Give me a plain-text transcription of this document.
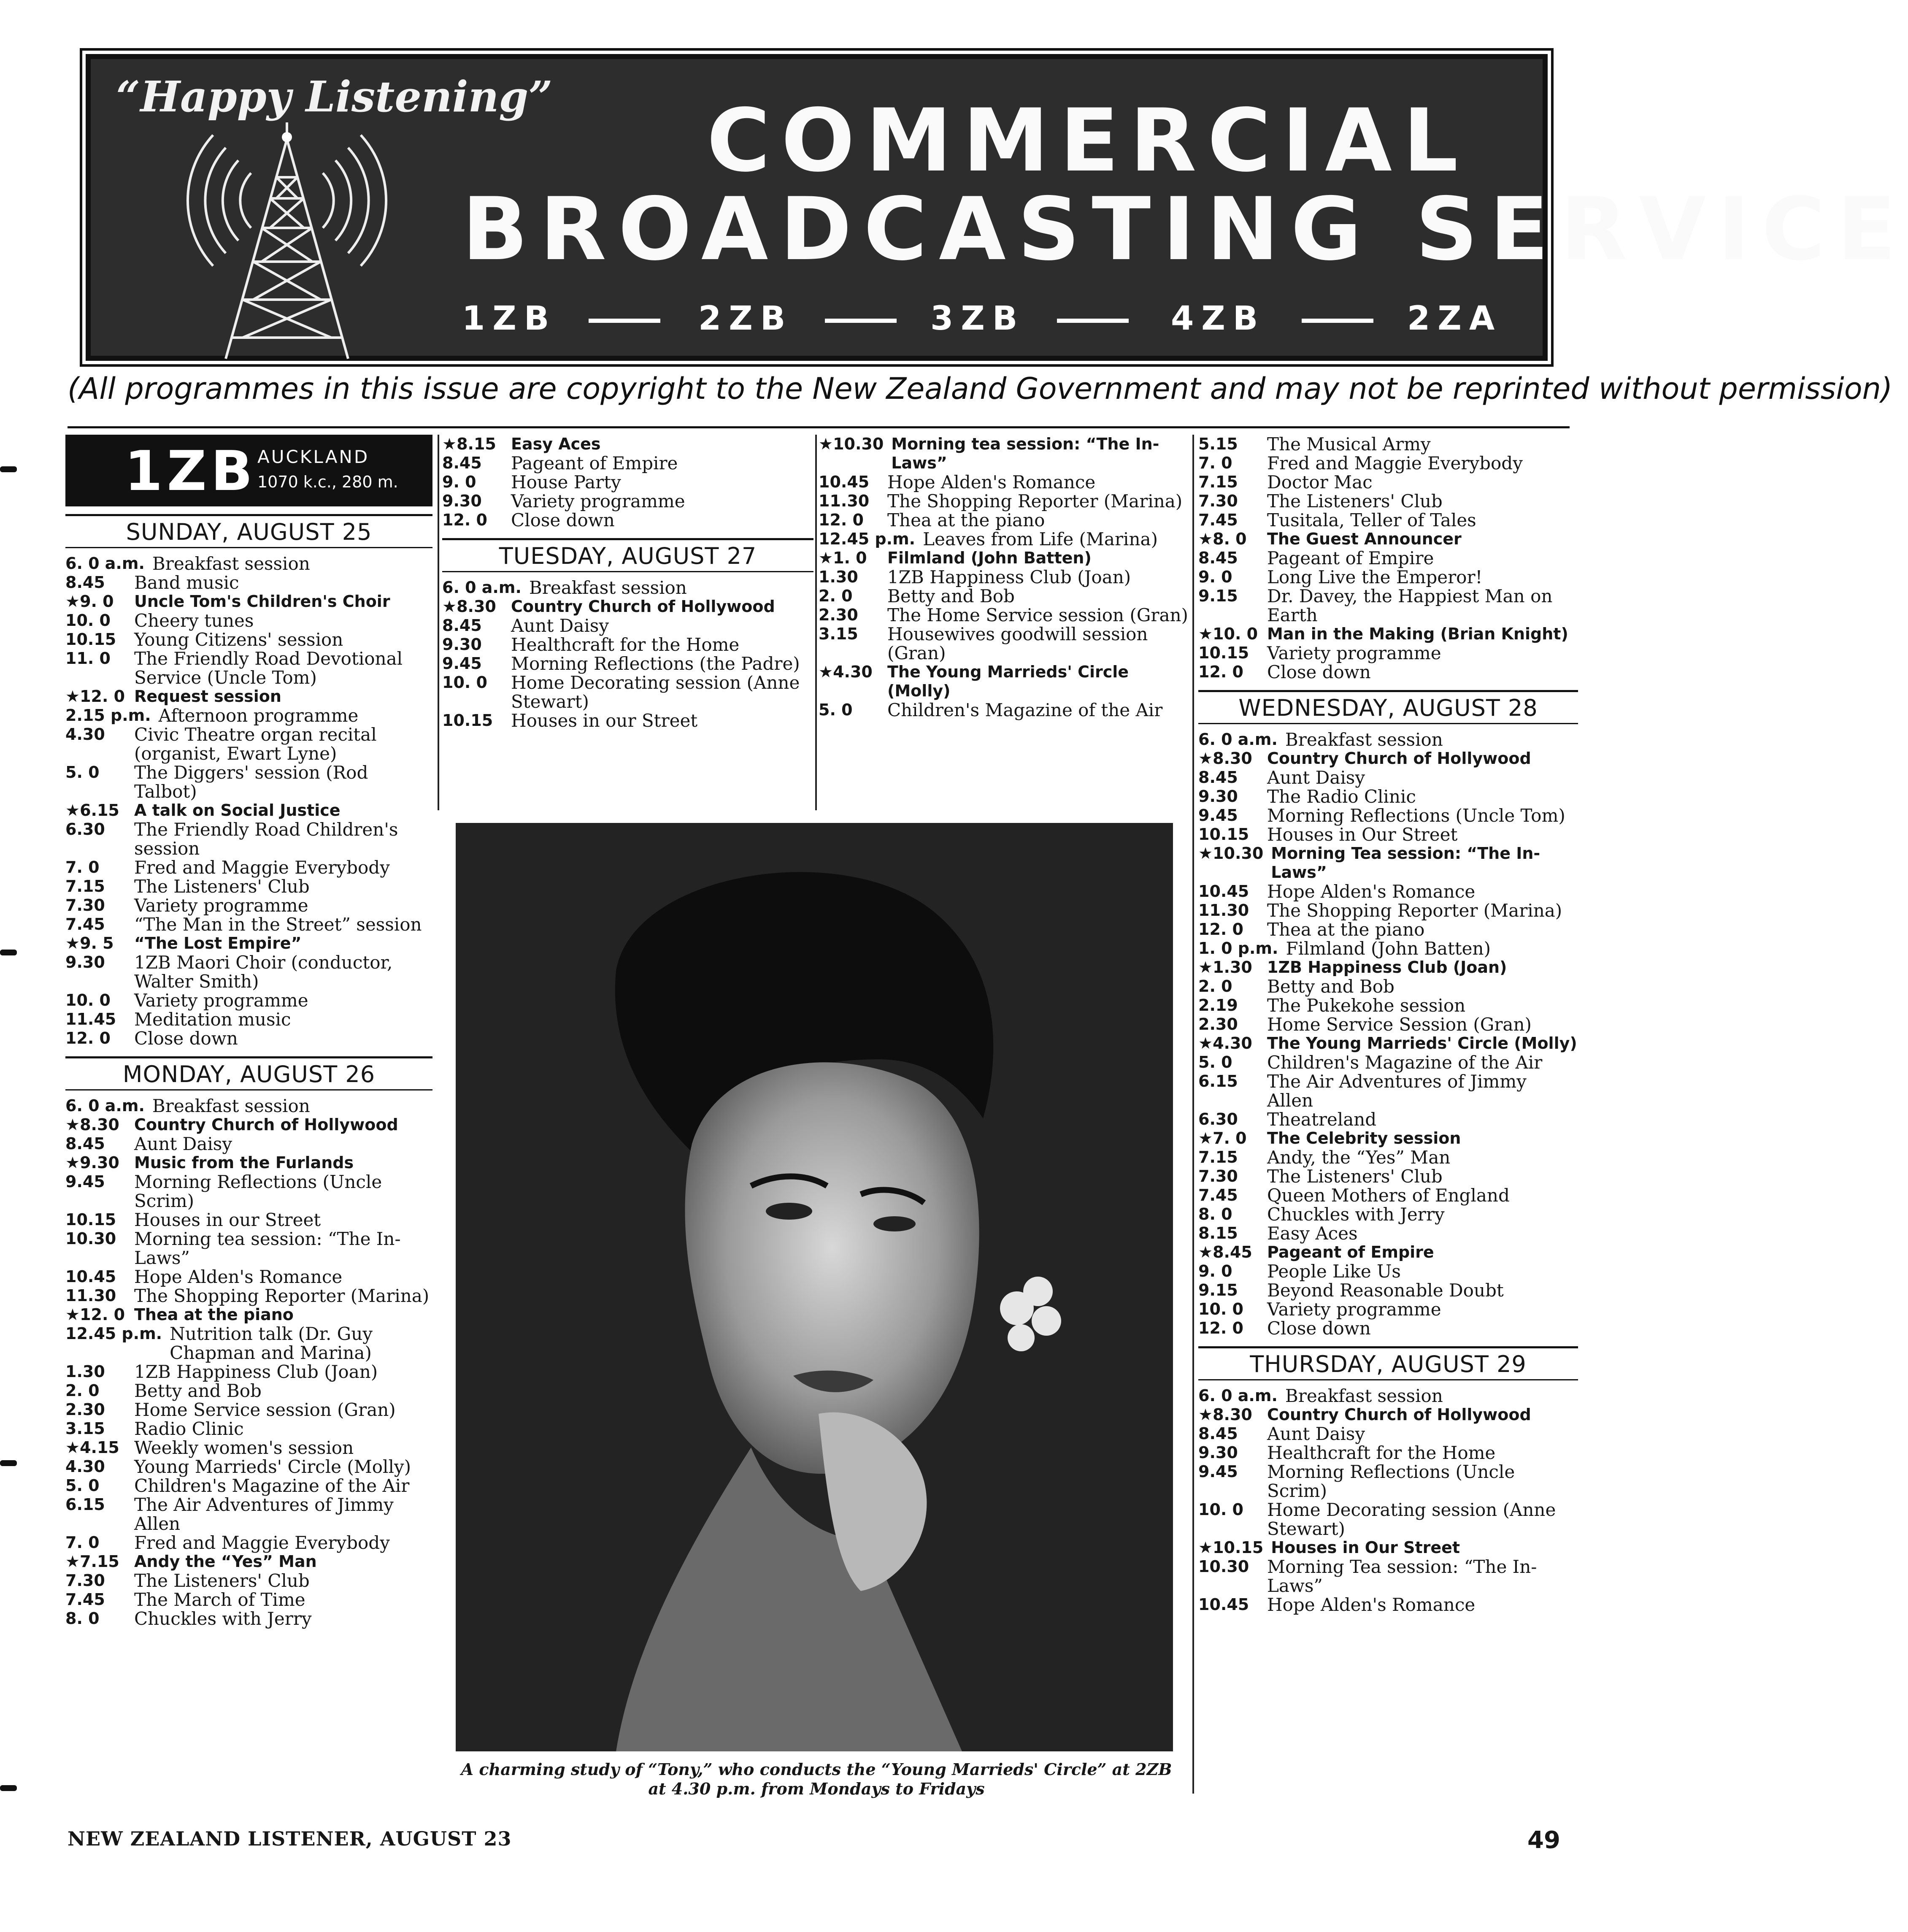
“Happy Listening” COMMERCIAL
BROADCASTING SERVICE
1ZB	2ZB	3ZB	4ZB	2ZA
(All programmes in this issue are copyright to the New Zealand Government and may not be reprinted without permission)
1ZB AUCKLAND
1070 k.c., 280 m.
SUNDAY, AUGUST 25
6. 0 a.m. Breakfast session
8.45	Band music
★9. 0	Uncle Tom's Children's Choir
10. 0	Cheery tunes
10.15	Young Citizens' session
11. 0	The Friendly Road Devotional Service (Uncle Tom)
★12. 0 Request session
2.15 p.m. Afternoon programme
4.30	Civic Theatre organ recital (organist, Ewart Lyne)
5. 0	The Diggers' session (Rod Talbot)
★6.15 A talk on Social Justice
6.30	The Friendly Road Children's session
7. 0	Fred and Maggie Everybody
7.15	The Listeners' Club
7.30	Variety programme
7.45	“The Man in the Street” session
★9. 5	“The Lost Empire”
9.30	1ZB Maori Choir (conductor, Walter Smith)
10. 0	Variety programme
11.45	Meditation music
12. 0	Close down
MONDAY, AUGUST 26
6. 0 a.m. Breakfast session
★8.30 Country Church of Hollywood
8.45	Aunt Daisy
★9.30 Music from the Furlands
9.45	Morning Reflections (Uncle Scrim)
10.15	Houses in our Street
10.30	Morning tea session: “The In-Laws”
10.45	Hope Alden's Romance
11.30	The Shopping Reporter (Marina)
★12. 0 Thea at the piano
12.45 p.m. Nutrition talk (Dr. Guy Chapman and Marina)
1.30	1ZB Happiness Club (Joan)
2. 0	Betty and Bob
2.30	Home Service session (Gran)
3.15	Radio Clinic
★4.15 Weekly women's session
4.30	Young Marrieds' Circle (Molly)
5. 0	Children's Magazine of the Air
6.15	The Air Adventures of Jimmy Allen
7. 0	Fred and Maggie Everybody
★7.15 Andy the “Yes” Man
7.30	The Listeners' Club
7.45	The March of Time
8. 0	Chuckles with Jerry
★8.15 Easy Aces
8.45	Pageant of Empire
9. 0	House Party
9.30	Variety programme
12. 0	Close down
TUESDAY, AUGUST 27
6. 0 a.m. Breakfast session
★8.30 Country Church of Hollywood
8.45	Aunt Daisy
9.30	Healthcraft for the Home
9.45	Morning Reflections (the Padre)
10. 0	Home Decorating session (Anne Stewart)
10.15	Houses in our Street
★10.30 Morning tea session: “The In-Laws”
10.45	Hope Alden's Romance
11.30	The Shopping Reporter (Marina)
12. 0	Thea at the piano
12.45 p.m. Leaves from Life (Marina)
★1. 0	Filmland (John Batten)
1.30	1ZB Happiness Club (Joan)
2. 0	Betty and Bob
2.30	The Home Service session (Gran)
3.15	Housewives goodwill session (Gran)
★4.30 The Young Marrieds' Circle (Molly)
5. 0	Children's Magazine of the Air
5.15	The Musical Army
7. 0	Fred and Maggie Everybody
7.15	Doctor Mac
7.30	The Listeners' Club
7.45	Tusitala, Teller of Tales
★8. 0	The Guest Announcer
8.45	Pageant of Empire
9. 0	Long Live the Emperor!
9.15	Dr. Davey, the Happiest Man on Earth
★10. 0 Man in the Making (Brian Knight)
10.15	Variety programme
12. 0	Close down
WEDNESDAY, AUGUST 28
6. 0 a.m. Breakfast session
★8.30 Country Church of Hollywood
8.45	Aunt Daisy
9.30	The Radio Clinic
9.45	Morning Reflections (Uncle Tom)
10.15	Houses in Our Street
★10.30 Morning Tea session: “The In-Laws”
10.45	Hope Alden's Romance
11.30	The Shopping Reporter (Marina)
12. 0	Thea at the piano
1. 0 p.m. Filmland (John Batten)
★1.30 1ZB Happiness Club (Joan)
2. 0	Betty and Bob
2.19	The Pukekohe session
2.30	Home Service Session (Gran)
★4.30 The Young Marrieds' Circle (Molly)
5. 0	Children's Magazine of the Air
6.15	The Air Adventures of Jimmy Allen
6.30	Theatreland
★7. 0	The Celebrity session
7.15	Andy, the “Yes” Man
7.30	The Listeners' Club
7.45	Queen Mothers of England
8. 0	Chuckles with Jerry
8.15	Easy Aces
★8.45 Pageant of Empire
9. 0	People Like Us
9.15	Beyond Reasonable Doubt
10. 0	Variety programme
12. 0	Close down
THURSDAY, AUGUST 29
6. 0 a.m. Breakfast session
★8.30 Country Church of Hollywood
8.45	Aunt Daisy
9.30	Healthcraft for the Home
9.45	Morning Reflections (Uncle Scrim)
10. 0	Home Decorating session (Anne Stewart)
★10.15 Houses in Our Street
10.30	Morning Tea session: “The In-Laws”
10.45	Hope Alden's Romance
A charming study of “Tony,” who conducts the “Young Marrieds' Circle” at 2ZB at 4.30 p.m. from Mondays to Fridays
NEW ZEALAND LISTENER, AUGUST 23	49
